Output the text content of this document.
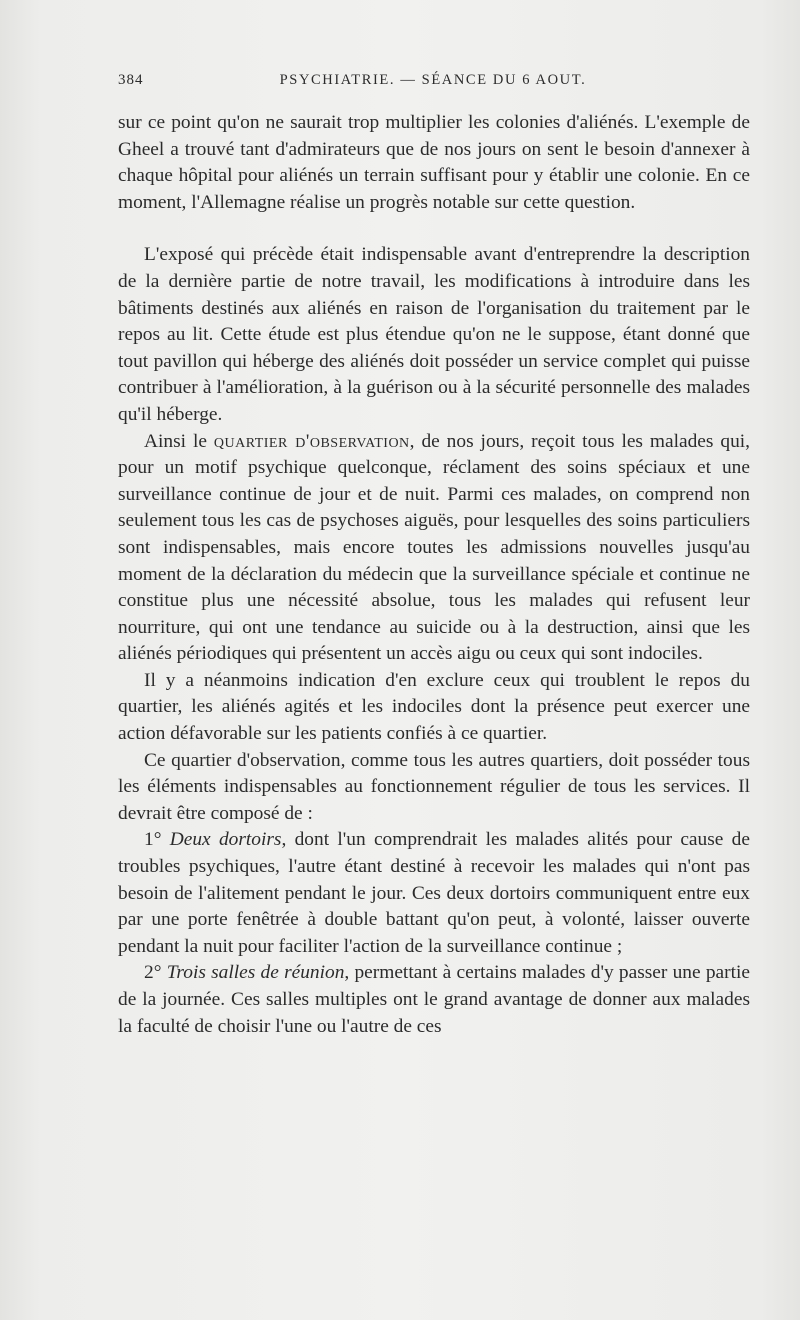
384	PSYCHIATRIE. — SÉANCE DU 6 AOUT.

sur ce point qu'on ne saurait trop multiplier les colonies d'aliénés. L'exemple de Gheel a trouvé tant d'admirateurs que de nos jours on sent le besoin d'annexer à chaque hôpital pour aliénés un terrain suffisant pour y établir une colonie. En ce moment, l'Allemagne réalise un progrès notable sur cette question.

L'exposé qui précède était indispensable avant d'entreprendre la description de la dernière partie de notre travail, les modifications à introduire dans les bâtiments destinés aux aliénés en raison de l'organisation du traitement par le repos au lit. Cette étude est plus étendue qu'on ne le suppose, étant donné que tout pavillon qui héberge des aliénés doit posséder un service complet qui puisse contribuer à l'amélioration, à la guérison ou à la sécurité personnelle des malades qu'il héberge.

Ainsi le quartier d'observation, de nos jours, reçoit tous les malades qui, pour un motif psychique quelconque, réclament des soins spéciaux et une surveillance continue de jour et de nuit. Parmi ces malades, on comprend non seulement tous les cas de psychoses aiguës, pour lesquelles des soins particuliers sont indispensables, mais encore toutes les admissions nouvelles jusqu'au moment de la déclaration du médecin que la surveillance spéciale et continue ne constitue plus une nécessité absolue, tous les malades qui refusent leur nourriture, qui ont une tendance au suicide ou à la destruction, ainsi que les aliénés périodiques qui présentent un accès aigu ou ceux qui sont indociles.

Il y a néanmoins indication d'en exclure ceux qui troublent le repos du quartier, les aliénés agités et les indociles dont la présence peut exercer une action défavorable sur les patients confiés à ce quartier.

Ce quartier d'observation, comme tous les autres quartiers, doit posséder tous les éléments indispensables au fonctionnement régulier de tous les services. Il devrait être composé de :

1° Deux dortoirs, dont l'un comprendrait les malades alités pour cause de troubles psychiques, l'autre étant destiné à recevoir les malades qui n'ont pas besoin de l'alitement pendant le jour. Ces deux dortoirs communiquent entre eux par une porte fenêtrée à double battant qu'on peut, à volonté, laisser ouverte pendant la nuit pour faciliter l'action de la surveillance continue ;

2° Trois salles de réunion, permettant à certains malades d'y passer une partie de la journée. Ces salles multiples ont le grand avantage de donner aux malades la faculté de choisir l'une ou l'autre de ces
